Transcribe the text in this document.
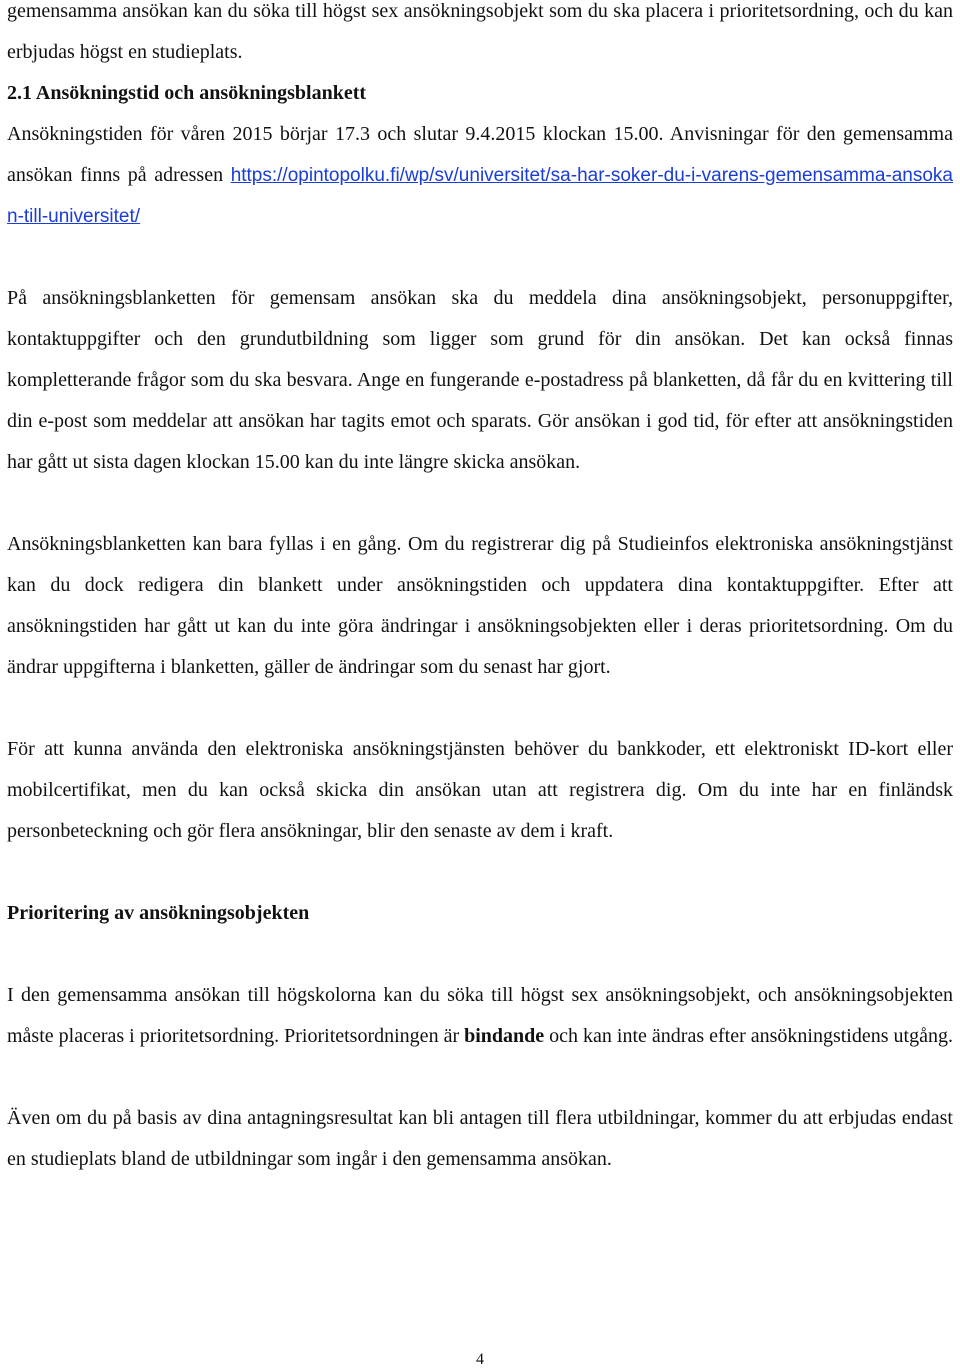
gemensamma ansökan kan du söka till högst sex ansökningsobjekt som du ska placera i prioritetsordning, och du kan erbjudas högst en studieplats.

2.1 Ansökningstid och ansökningsblankett

Ansökningstiden för våren 2015 börjar 17.3 och slutar 9.4.2015 klockan 15.00. Anvisningar för den gemensamma ansökan finns på adressen https://opintopolku.fi/wp/sv/universitet/sa-har-soker-du-i-varens-gemensamma-ansokan-till-universitet/

På ansökningsblanketten för gemensam ansökan ska du meddela dina ansökningsobjekt, personuppgifter, kontaktuppgifter och den grundutbildning som ligger som grund för din ansökan. Det kan också finnas kompletterande frågor som du ska besvara. Ange en fungerande e-postadress på blanketten, då får du en kvittering till din e-post som meddelar att ansökan har tagits emot och sparats. Gör ansökan i god tid, för efter att ansökningstiden har gått ut sista dagen klockan 15.00 kan du inte längre skicka ansökan.

Ansökningsblanketten kan bara fyllas i en gång. Om du registrerar dig på Studieinfos elektroniska ansökningstjänst kan du dock redigera din blankett under ansökningstiden och uppdatera dina kontaktuppgifter. Efter att ansökningstiden har gått ut kan du inte göra ändringar i ansökningsobjekten eller i deras prioritetsordning. Om du ändrar uppgifterna i blanketten, gäller de ändringar som du senast har gjort.

För att kunna använda den elektroniska ansökningstjänsten behöver du bankkoder, ett elektroniskt ID-kort eller mobilcertifikat, men du kan också skicka din ansökan utan att registrera dig. Om du inte har en finländsk personbeteckning och gör flera ansökningar, blir den senaste av dem i kraft.

Prioritering av ansökningsobjekten

I den gemensamma ansökan till högskolorna kan du söka till högst sex ansökningsobjekt, och ansökningsobjekten måste placeras i prioritetsordning. Prioritetsordningen är bindande och kan inte ändras efter ansökningstidens utgång.

Även om du på basis av dina antagningsresultat kan bli antagen till flera utbildningar, kommer du att erbjudas endast en studieplats bland de utbildningar som ingår i den gemensamma ansökan.

4
